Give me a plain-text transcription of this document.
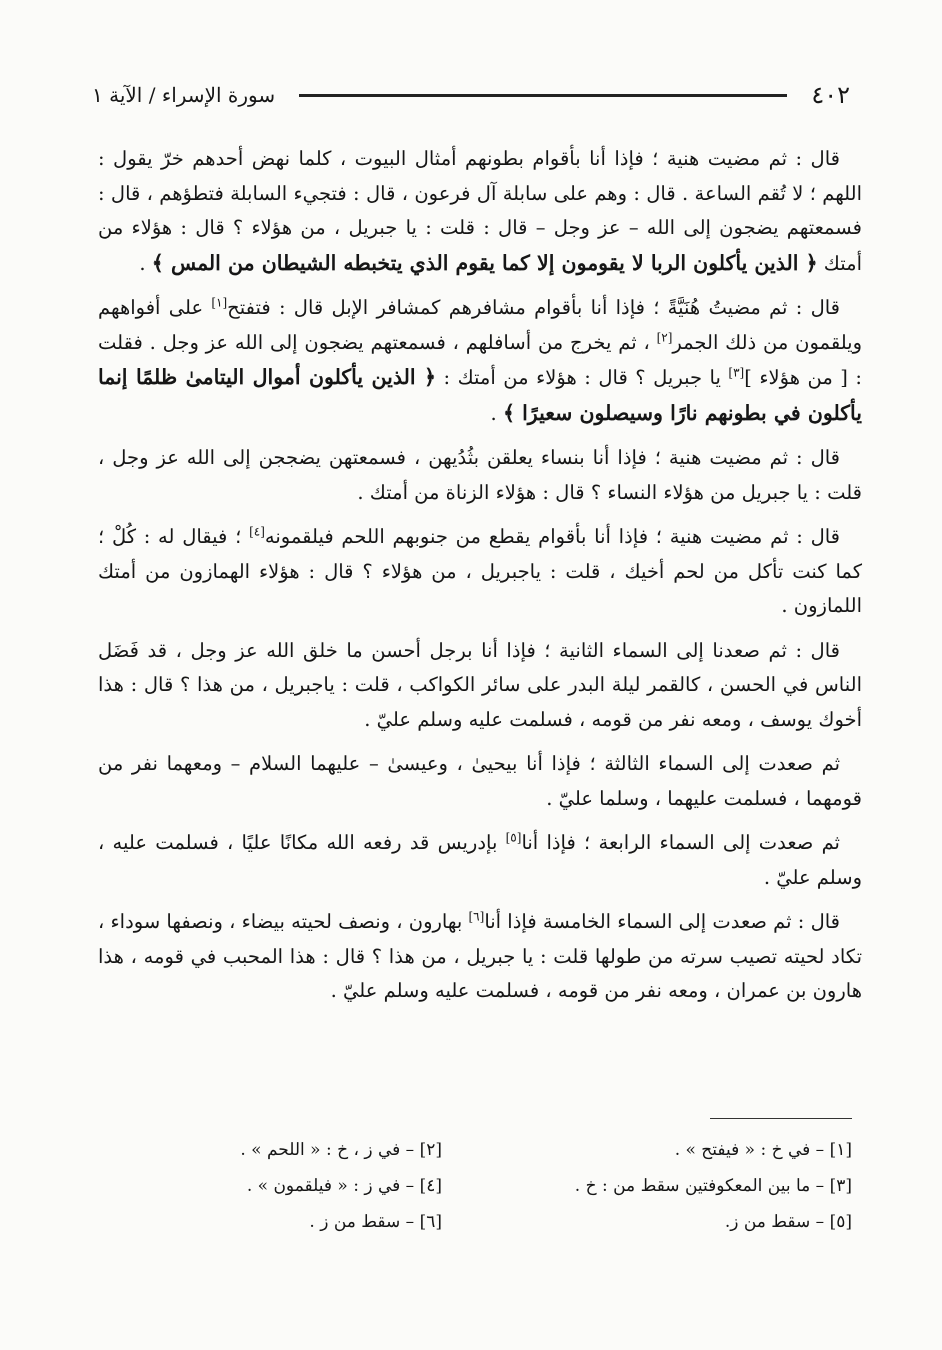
٤٠٢
سورة الإسراء / الآية ١

قال : ثم مضيت هنية ؛ فإذا أنا بأقوام بطونهم أمثال البيوت ، كلما نهض أحدهم خرّ يقول : اللهم ؛ لا تُقم الساعة . قال : وهم على سابلة آل فرعون ، قال : فتجيء السابلة فتطؤهم ، قال : فسمعتهم يضجون إلى الله – عز وجل – قال : قلت : يا جبريل ، من هؤلاء ؟ قال : هؤلاء من أمتك ﴿ الذين يأكلون الربا لا يقومون إلا كما يقوم الذي يتخبطه الشيطان من المس ﴾ .

قال : ثم مضيتُ هُنَيَّةً ؛ فإذا أنا بأقوام مشافرهم كمشافر الإبل قال : فتفتح[١] على أفواههم ويلقمون من ذلك الجمر[٢] ، ثم يخرج من أسافلهم ، فسمعتهم يضجون إلى الله عز وجل . فقلت : [ من هؤلاء ][٣] يا جبريل ؟ قال : هؤلاء من أمتك : ﴿ الذين يأكلون أموال اليتامىٰ ظلمًا إنما يأكلون في بطونهم نارًا وسيصلون سعيرًا ﴾ .

قال : ثم مضيت هنية ؛ فإذا أنا بنساء يعلقن بثُدُيهن ، فسمعتهن يضججن إلى الله عز وجل ، قلت : يا جبريل من هؤلاء النساء ؟ قال : هؤلاء الزناة من أمتك .

قال : ثم مضيت هنية ؛ فإذا أنا بأقوام يقطع من جنوبهم اللحم فيلقمونه[٤] ؛ فيقال له : كُلْ ؛ كما كنت تأكل من لحم أخيك ، قلت : ياجبريل ، من هؤلاء ؟ قال : هؤلاء الهمازون من أمتك اللمازون .

قال : ثم صعدنا إلى السماء الثانية ؛ فإذا أنا برجل أحسن ما خلق الله عز وجل ، قد فَضَل الناس في الحسن ، كالقمر ليلة البدر على سائر الكواكب ، قلت : ياجبريل ، من هذا ؟ قال : هذا أخوك يوسف ، ومعه نفر من قومه ، فسلمت عليه وسلم عليّ .

ثم صعدت إلى السماء الثالثة ؛ فإذا أنا بيحيىٰ ، وعيسىٰ – عليهما السلام – ومعهما نفر من قومهما ، فسلمت عليهما ، وسلما عليّ .

ثم صعدت إلى السماء الرابعة ؛ فإذا أنا[٥] بإدريس قد رفعه الله مكانًا عليًا ، فسلمت عليه ، وسلم عليّ .

قال : ثم صعدت إلى السماء الخامسة فإذا أنا[٦] بهارون ، ونصف لحيته بيضاء ، ونصفها سوداء ، تكاد لحيته تصيب سرته من طولها قلت : يا جبريل ، من هذا ؟ قال : هذا المحبب في قومه ، هذا هارون بن عمران ، ومعه نفر من قومه ، فسلمت عليه وسلم عليّ .

[١] – في خ : « فيفتح » .
[٢] – في ز ، خ : « اللحم » .
[٣] – ما بين المعكوفتين سقط من : خ .
[٤] – في ز : « فيلقمون » .
[٥] – سقط من ز.
[٦] – سقط من ز .
